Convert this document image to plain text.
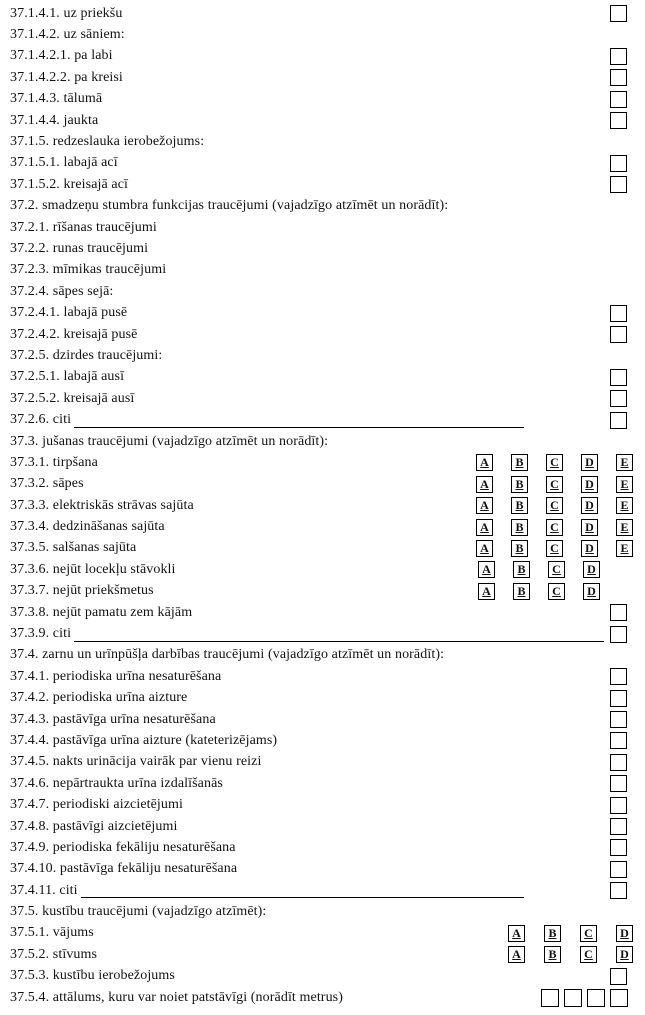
37.1.4.1. uz priekšu
37.1.4.2. uz sāniem:
37.1.4.2.1. pa labi
37.1.4.2.2. pa kreisi
37.1.4.3. tālumā
37.1.4.4. jaukta
37.1.5. redzeslauka ierobežojums:
37.1.5.1. labajā acī
37.1.5.2. kreisajā acī
37.2. smadzeņu stumbra funkcijas traucējumi (vajadzīgo atzīmēt un norādīt):
37.2.1. rīšanas traucējumi
37.2.2. runas traucējumi
37.2.3. mīmikas traucējumi
37.2.4. sāpes sejā:
37.2.4.1. labajā pusē
37.2.4.2. kreisajā pusē
37.2.5. dzirdes traucējumi:
37.2.5.1. labajā ausī
37.2.5.2. kreisajā ausī
37.2.6. citi
37.3. jušanas traucējumi (vajadzīgo atzīmēt un norādīt):
37.3.1. tirpšana	A	B	C	D	E
37.3.2. sāpes	A	B	C	D	E
37.3.3. elektriskās strāvas sajūta	A	B	C	D	E
37.3.4. dedzināšanas sajūta	A	B	C	D	E
37.3.5. salšanas sajūta	A	B	C	D	E
37.3.6. nejūt locekļu stāvokli	A	B	C	D
37.3.7. nejūt priekšmetus	A	B	C	D
37.3.8. nejūt pamatu zem kājām
37.3.9. citi
37.4. zarnu un urīnpūšļa darbības traucējumi (vajadzīgo atzīmēt un norādīt):
37.4.1. periodiska urīna nesaturēšana
37.4.2. periodiska urīna aizture
37.4.3. pastāvīga urīna nesaturēšana
37.4.4. pastāvīga urīna aizture (kateterizējams)
37.4.5. nakts urinācija vairāk par vienu reizi
37.4.6. nepārtraukta urīna izdalīšanās
37.4.7. periodiski aizcietējumi
37.4.8. pastāvīgi aizcietējumi
37.4.9. periodiska fekāliju nesaturēšana
37.4.10. pastāvīga fekāliju nesaturēšana
37.4.11. citi
37.5. kustību traucējumi (vajadzīgo atzīmēt):
37.5.1. vājums	A	B	C	D
37.5.2. stīvums	A	B	C	D
37.5.3. kustību ierobežojums
37.5.4. attālums, kuru var noiet patstāvīgi (norādīt metrus)
